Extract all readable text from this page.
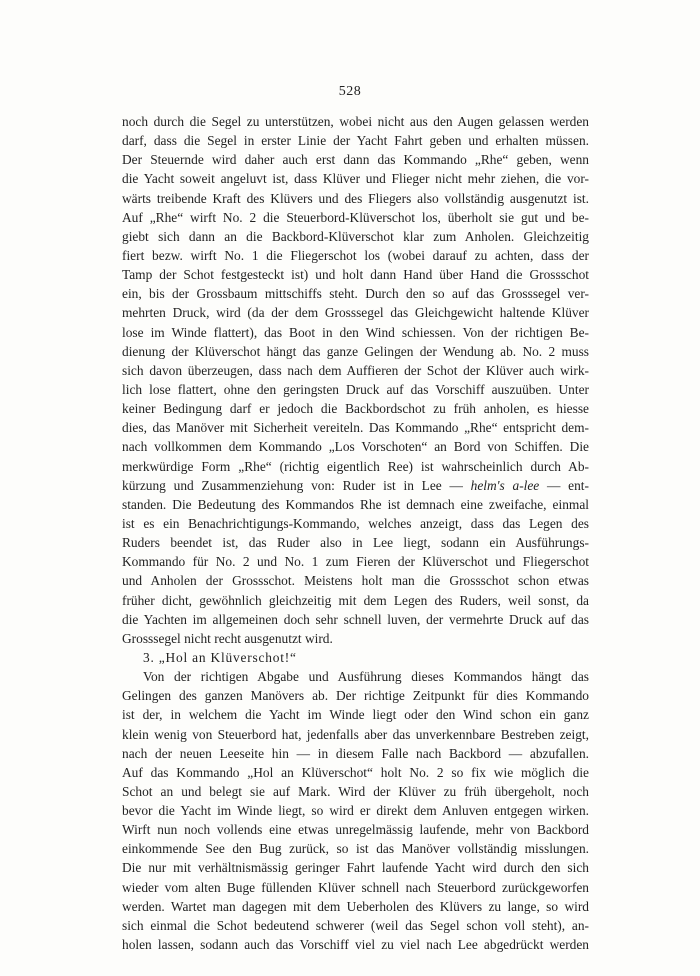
528
noch durch die Segel zu unterstützen, wobei nicht aus den Augen gelassen werden
darf, dass die Segel in erster Linie der Yacht Fahrt geben und erhalten müssen.
Der Steuernde wird daher auch erst dann das Kommando „Rhe“ geben, wenn
die Yacht soweit angeluvt ist, dass Klüver und Flieger nicht mehr ziehen, die vor-
wärts treibende Kraft des Klüvers und des Fliegers also vollständig ausgenutzt ist.
Auf „Rhe“ wirft No. 2 die Steuerbord-Klüverschot los, überholt sie gut und be-
giebt sich dann an die Backbord-Klüverschot klar zum Anholen. Gleichzeitig
fiert bezw. wirft No. 1 die Fliegerschot los (wobei darauf zu achten, dass der
Tamp der Schot festgesteckt ist) und holt dann Hand über Hand die Grossschot
ein, bis der Grossbaum mittschiffs steht. Durch den so auf das Grosssegel ver-
mehrten Druck, wird (da der dem Grosssegel das Gleichgewicht haltende Klüver
lose im Winde flattert), das Boot in den Wind schiessen. Von der richtigen Be-
dienung der Klüverschot hängt das ganze Gelingen der Wendung ab. No. 2 muss
sich davon überzeugen, dass nach dem Auffieren der Schot der Klüver auch wirk-
lich lose flattert, ohne den geringsten Druck auf das Vorschiff auszuüben. Unter
keiner Bedingung darf er jedoch die Backbordschot zu früh anholen, es hiesse
dies, das Manöver mit Sicherheit vereiteln. Das Kommando „Rhe“ entspricht dem-
nach vollkommen dem Kommando „Los Vorschoten“ an Bord von Schiffen. Die
merkwürdige Form „Rhe“ (richtig eigentlich Ree) ist wahrscheinlich durch Ab-
kürzung und Zusammenziehung von: Ruder ist in Lee — helm's a-lee — ent-
standen. Die Bedeutung des Kommandos Rhe ist demnach eine zweifache, einmal
ist es ein Benachrichtigungs-Kommando, welches anzeigt, dass das Legen des
Ruders beendet ist, das Ruder also in Lee liegt, sodann ein Ausführungs-
Kommando für No. 2 und No. 1 zum Fieren der Klüverschot und Fliegerschot
und Anholen der Grossschot. Meistens holt man die Grossschot schon etwas
früher dicht, gewöhnlich gleichzeitig mit dem Legen des Ruders, weil sonst, da
die Yachten im allgemeinen doch sehr schnell luven, der vermehrte Druck auf das
Grosssegel nicht recht ausgenutzt wird.
3. „Hol an Klüverschot!“
Von der richtigen Abgabe und Ausführung dieses Kommandos hängt das
Gelingen des ganzen Manövers ab. Der richtige Zeitpunkt für dies Kommando
ist der, in welchem die Yacht im Winde liegt oder den Wind schon ein ganz
klein wenig von Steuerbord hat, jedenfalls aber das unverkennbare Bestreben zeigt,
nach der neuen Leeseite hin — in diesem Falle nach Backbord — abzufallen.
Auf das Kommando „Hol an Klüverschot“ holt No. 2 so fix wie möglich die
Schot an und belegt sie auf Mark. Wird der Klüver zu früh übergeholt, noch
bevor die Yacht im Winde liegt, so wird er direkt dem Anluven entgegen wirken.
Wirft nun noch vollends eine etwas unregelmässig laufende, mehr von Backbord
einkommende See den Bug zurück, so ist das Manöver vollständig misslungen.
Die nur mit verhältnismässig geringer Fahrt laufende Yacht wird durch den sich
wieder vom alten Buge füllenden Klüver schnell nach Steuerbord zurückgeworfen
werden. Wartet man dagegen mit dem Ueberholen des Klüvers zu lange, so wird
sich einmal die Schot bedeutend schwerer (weil das Segel schon voll steht), an-
holen lassen, sodann auch das Vorschiff viel zu viel nach Lee abgedrückt werden
